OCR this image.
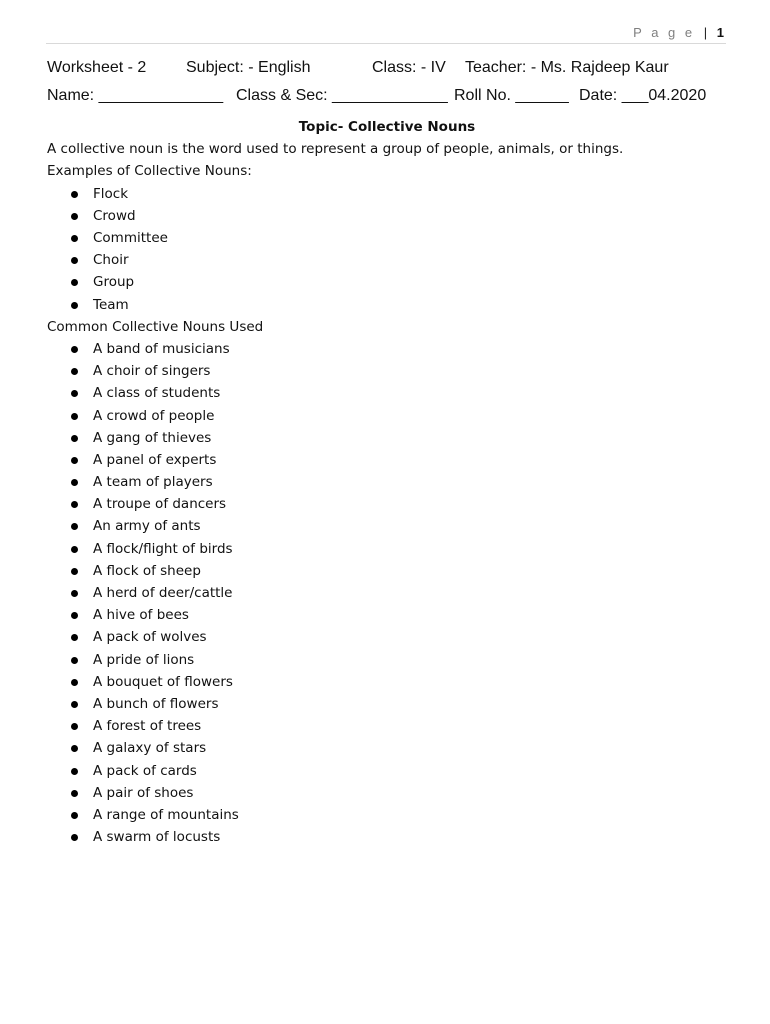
P a g e | 1
Worksheet - 2 Subject: - English	Class: - IV Teacher: - Ms. Rajdeep Kaur
Name: ______________ Class & Sec: _____________ Roll No. ______ Date: ___04.2020
Topic- Collective Nouns

A collective noun is the word used to represent a group of people, animals, or things.

Examples of Collective Nouns:

Flock
Crowd
Committee
Choir
Group
Team

Common Collective Nouns Used

A band of musicians
A choir of singers
A class of students
A crowd of people
A gang of thieves
A panel of experts
A team of players
A troupe of dancers
An army of ants
A flock/flight of birds
A flock of sheep
A herd of deer/cattle
A hive of bees
A pack of wolves
A pride of lions
A bouquet of flowers
A bunch of flowers
A forest of trees
A galaxy of stars
A pack of cards
A pair of shoes
A range of mountains
A swarm of locusts
